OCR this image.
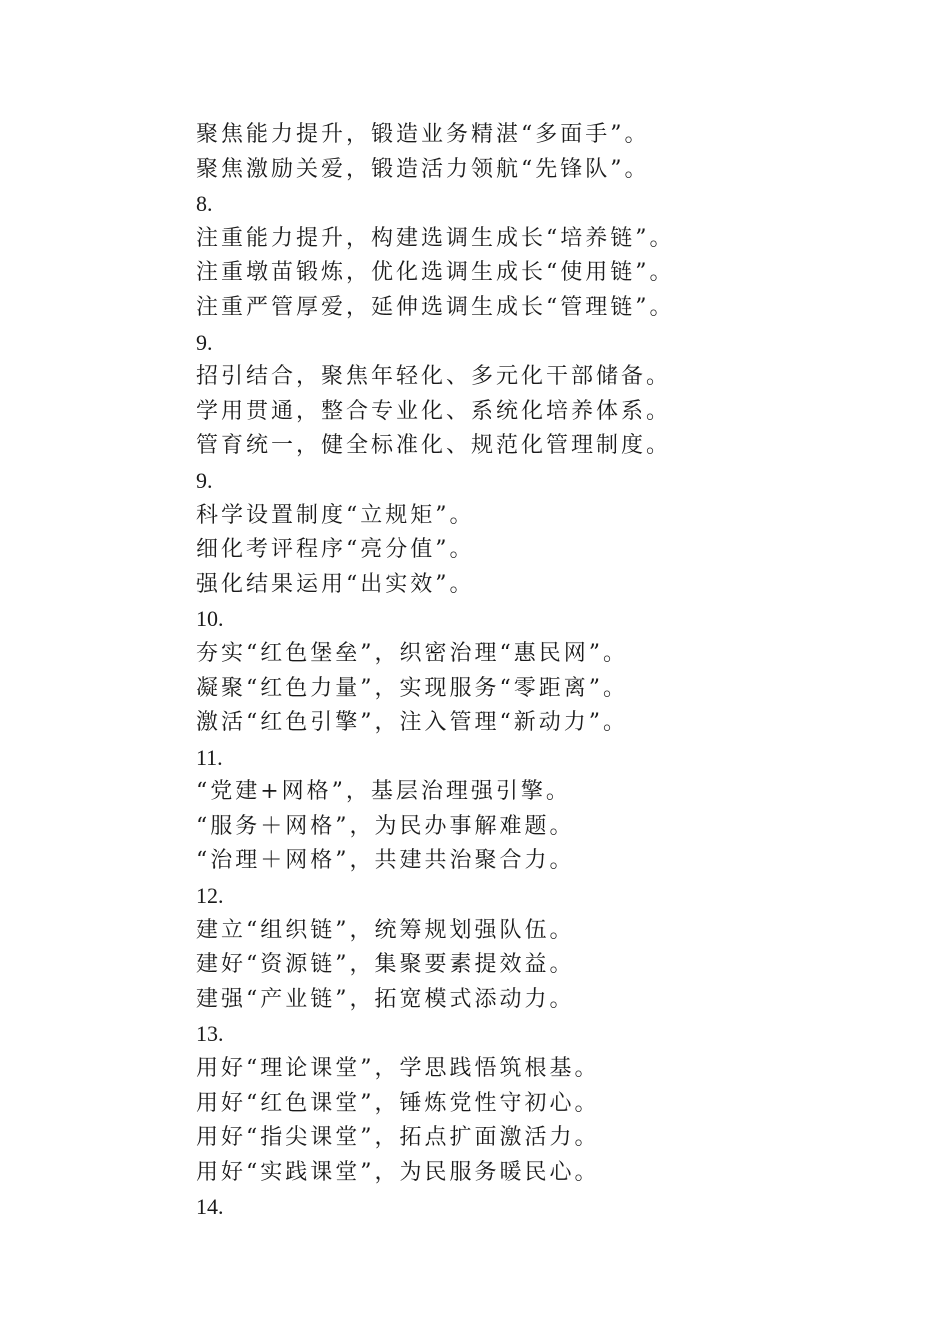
聚焦能力提升，锻造业务精湛“多面手”。
聚焦激励关爱，锻造活力领航“先锋队”。
8.
注重能力提升，构建选调生成长“培养链”。
注重墩苗锻炼，优化选调生成长“使用链”。
注重严管厚爱，延伸选调生成长“管理链”。
9.
招引结合，聚焦年轻化、多元化干部储备。
学用贯通，整合专业化、系统化培养体系。
管育统一，健全标准化、规范化管理制度。
9.
科学设置制度“立规矩”。
细化考评程序“亮分值”。
强化结果运用“出实效”。
10.
夯实“红色堡垒”，织密治理“惠民网”。
凝聚“红色力量”，实现服务“零距离”。
激活“红色引擎”，注入管理“新动力”。
11.
“党建+网格”，基层治理强引擎。
“服务＋网格”，为民办事解难题。
“治理＋网格”，共建共治聚合力。
12.
建立“组织链”，统筹规划强队伍。
建好“资源链”，集聚要素提效益。
建强“产业链”，拓宽模式添动力。
13.
用好“理论课堂”，学思践悟筑根基。
用好“红色课堂”，锤炼党性守初心。
用好“指尖课堂”，拓点扩面激活力。
用好“实践课堂”，为民服务暖民心。
14.
